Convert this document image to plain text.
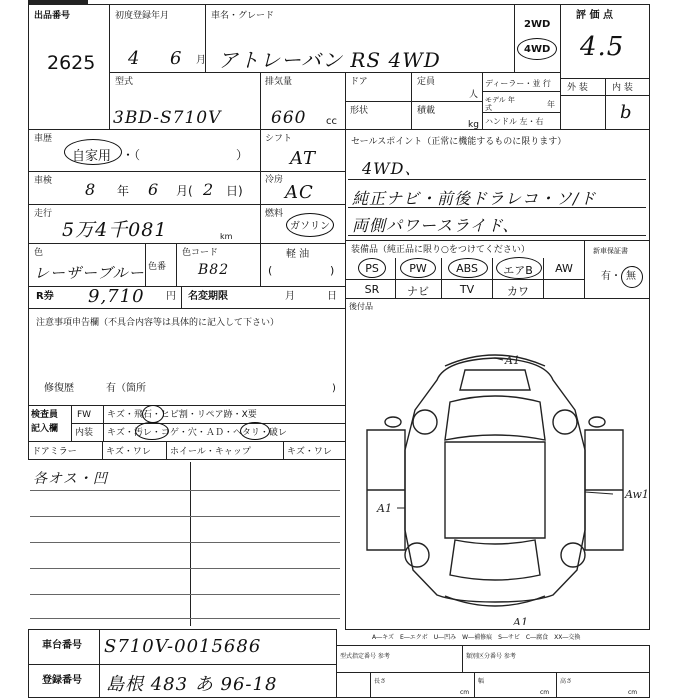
出品番号
2625
初度登録年月
4 6 月
車名・グレード
アトレーバン RS 4WD
2WD
4WD
評 価 点
4.5
外 装	内 装
b
型式
3BD-S710V
排気量
660 cc
ドア	定員
人
形状	積載
kg
ディーラー・並 行
モデル 年式	年
ハンドル 左・右
車歴
自家用 ・（　　　　　　　　）
シフト
AT
セールスポイント（正常に機能するものに限ります）
4WD、
純正ナビ・前後ドラレコ・ソ/ド
両側パワースライド、
車検 8 年 6 月( 2 日)
冷房
AC
走行
5万4千081	km
燃料
ガソリン
色
レーザーブルー 色番
色コード
B82
軽 油
(	)
装備品（純正品に限り○をつけてください）
PS	PW	ABS	エアB	AW
SR	ナビ	TV	カワ
新車保証書
有・ 無
R券 9,710 円 名変期限	月	日
後付品
注意事項申告欄（不具合内容等は具体的に記入して下さい）
修復歴	有（箇所	)
検査員
記入欄
FW キズ・飛石・ヒビ割・リペア跡・X要
内装 キズ・汚レ・コゲ・穴・ＡＤ・ヘタリ・破レ
ドアミラー	キズ・ワレ ホイール・キャップ	キズ・ワレ
各オス・凹
A1
A1
Aw1
A1
A―キズ　E―エクボ　U―凹み　W―補修痕　S―サビ　C―腐食　XX―交換
車台番号 S710V-0015686
登録番号 島根 483 あ 96-18
型式指定番号 参考	類別区分番号 参考
長さ
cm
幅
cm
高さ
cm
